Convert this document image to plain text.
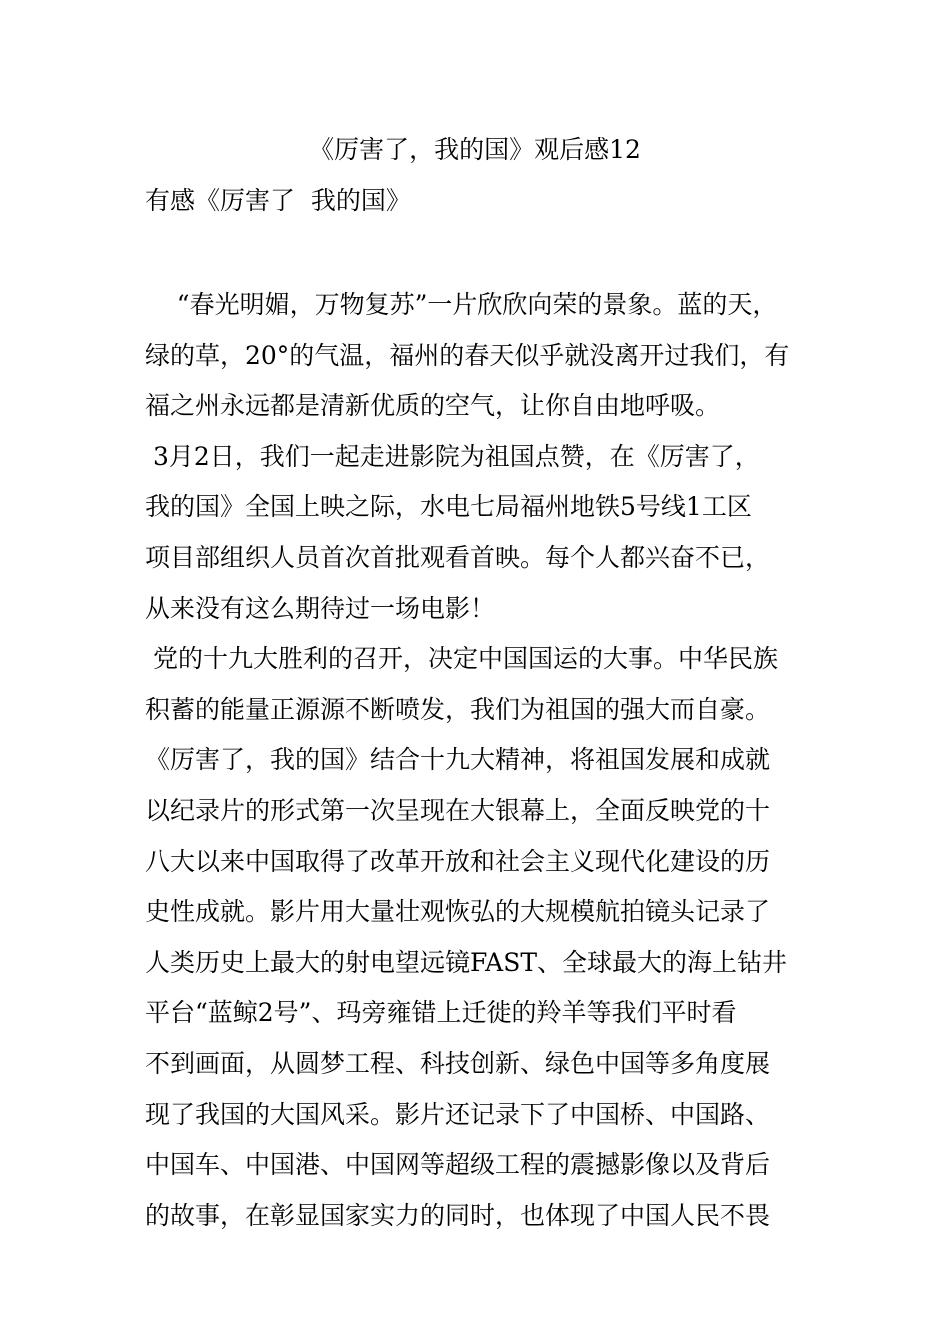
《厉害了，我的国》观后感12
有感《厉害了  我的国》
“春光明媚，万物复苏”一片欣欣向荣的景象。蓝的天，
绿的草，20°的气温，福州的春天似乎就没离开过我们，有
福之州永远都是清新优质的空气，让你自由地呼吸。
3月2日，我们一起走进影院为祖国点赞，在《厉害了，
我的国》全国上映之际，水电七局福州地铁5号线1工区
项目部组织人员首次首批观看首映。每个人都兴奋不已，
从来没有这么期待过一场电影！
党的十九大胜利的召开，决定中国国运的大事。中华民族
积蓄的能量正源源不断喷发，我们为祖国的强大而自豪。
《厉害了，我的国》结合十九大精神，将祖国发展和成就
以纪录片的形式第一次呈现在大银幕上，全面反映党的十
八大以来中国取得了改革开放和社会主义现代化建设的历
史性成就。影片用大量壮观恢弘的大规模航拍镜头记录了
人类历史上最大的射电望远镜FAST、全球最大的海上钻井
平台“蓝鲸2号”、玛旁雍错上迁徙的羚羊等我们平时看
不到画面，从圆梦工程、科技创新、绿色中国等多角度展
现了我国的大国风采。影片还记录下了中国桥、中国路、
中国车、中国港、中国网等超级工程的震撼影像以及背后
的故事，在彰显国家实力的同时，也体现了中国人民不畏
